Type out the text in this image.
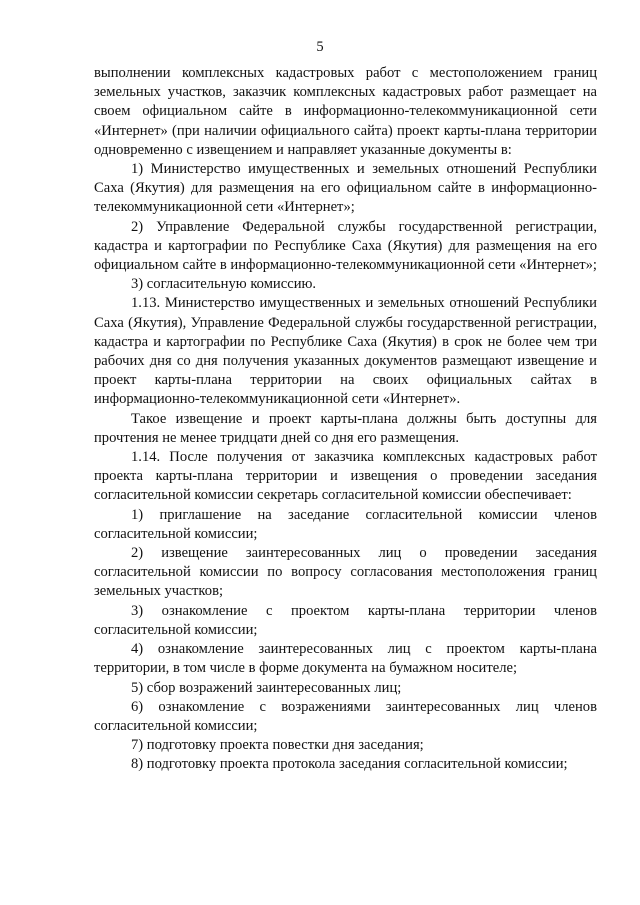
5

выполнении комплексных кадастровых работ с местоположением границ земельных участков, заказчик комплексных кадастровых работ размещает на своем официальном сайте в информационно-телекоммуникационной сети «Интернет» (при наличии официального сайта) проект карты-плана территории одновременно с извещением и направляет указанные документы в:

1) Министерство имущественных и земельных отношений Республики Саха (Якутия) для размещения на его официальном сайте в информационно-телекоммуникационной сети «Интернет»;

2) Управление Федеральной службы государственной регистрации, кадастра и картографии по Республике Саха (Якутия) для размещения на его официальном сайте в информационно-телекоммуникационной сети «Интернет»;

3) согласительную комиссию.

1.13. Министерство имущественных и земельных отношений Республики Саха (Якутия), Управление Федеральной службы государственной регистрации, кадастра и картографии по Республике Саха (Якутия) в срок не более чем три рабочих дня со дня получения указанных документов размещают извещение и проект карты-плана территории на своих официальных сайтах в информационно-телекоммуникационной сети «Интернет».

Такое извещение и проект карты-плана должны быть доступны для прочтения не менее тридцати дней со дня его размещения.

1.14. После получения от заказчика комплексных кадастровых работ проекта карты-плана территории и извещения о проведении заседания согласительной комиссии секретарь согласительной комиссии обеспечивает:

1) приглашение на заседание согласительной комиссии членов согласительной комиссии;

2) извещение заинтересованных лиц о проведении заседания согласительной комиссии по вопросу согласования местоположения границ земельных участков;

3) ознакомление с проектом карты-плана территории членов согласительной комиссии;

4) ознакомление заинтересованных лиц с проектом карты-плана территории, в том числе в форме документа на бумажном носителе;

5) сбор возражений заинтересованных лиц;

6) ознакомление с возражениями заинтересованных лиц членов согласительной комиссии;

7) подготовку проекта повестки дня заседания;

8) подготовку проекта протокола заседания согласительной комиссии;
